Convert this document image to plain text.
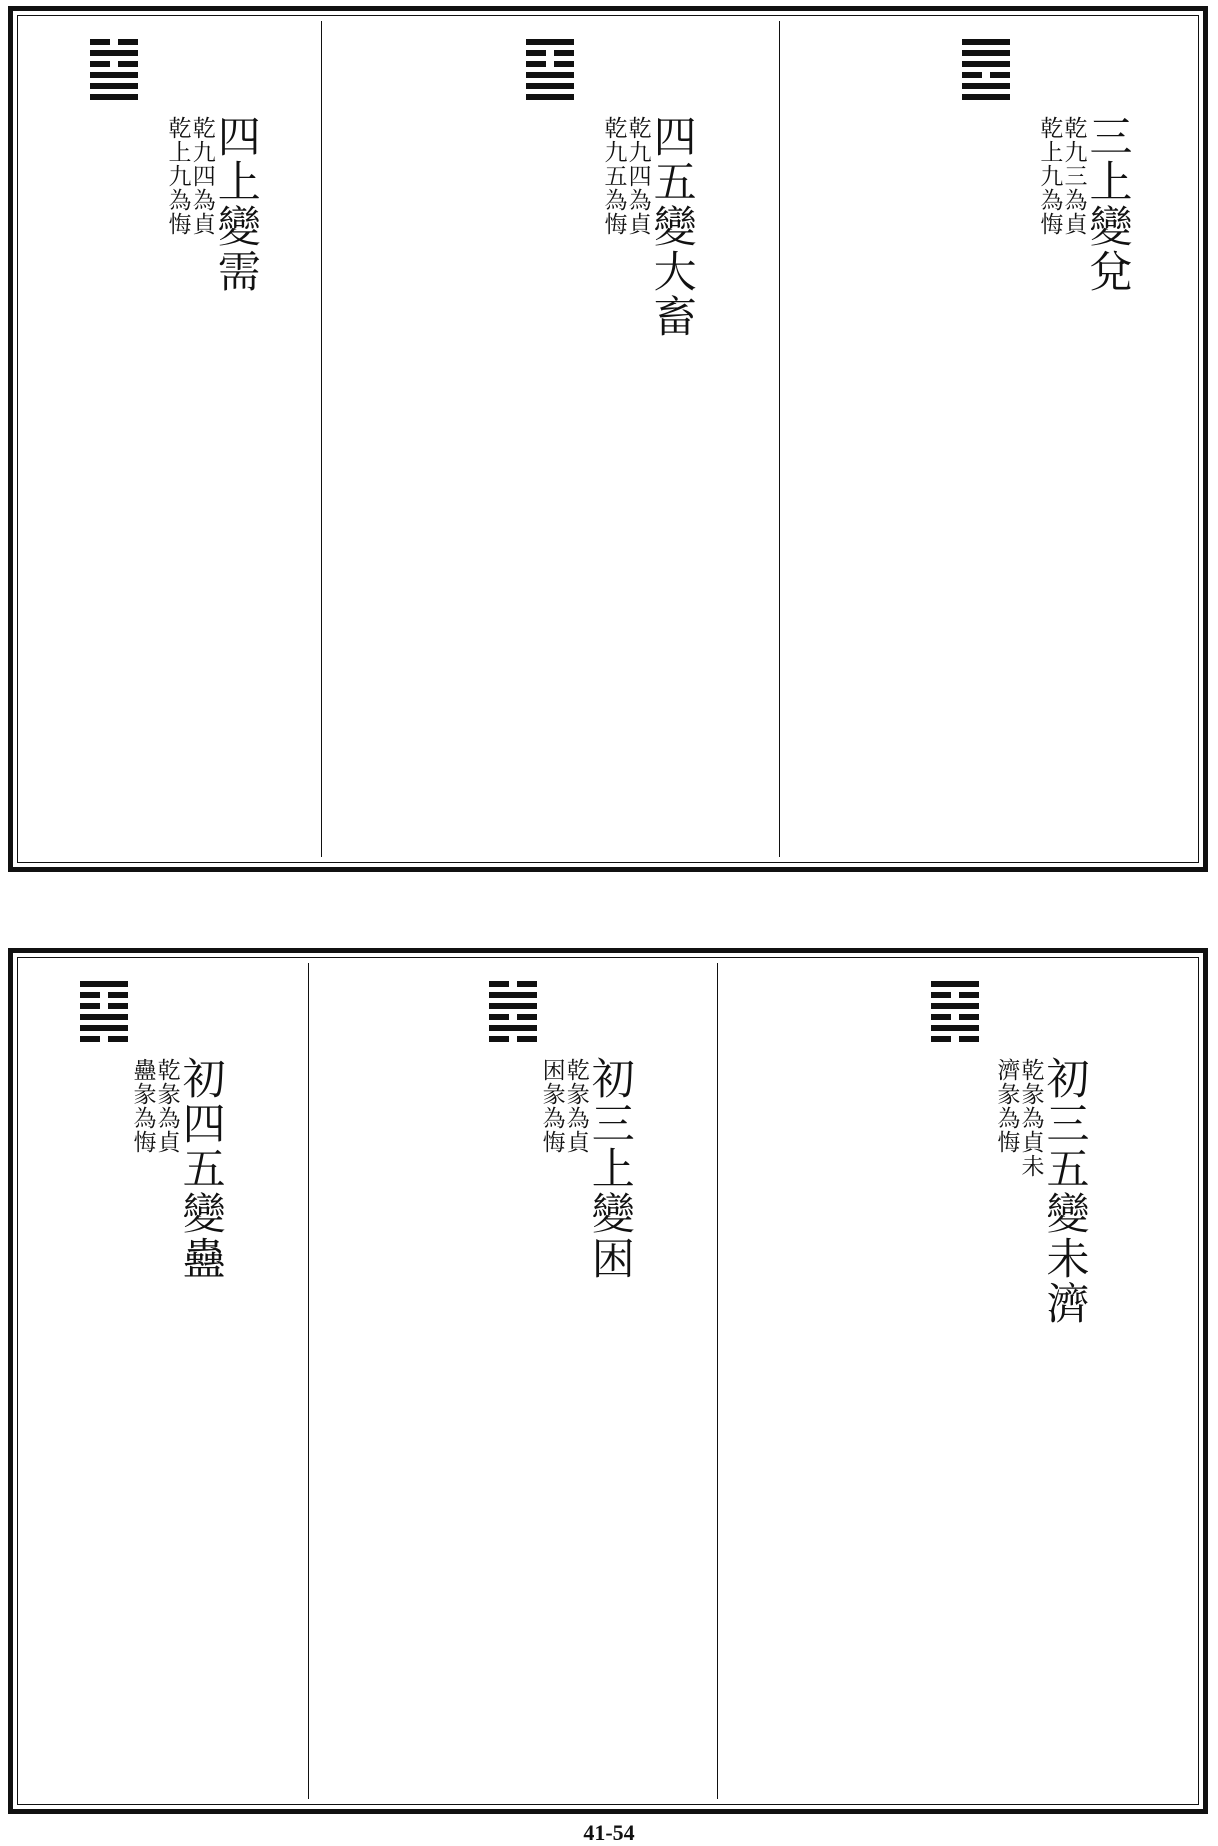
三上變兌
乾九三為貞
乾上九為悔
四五變大畜
乾九四為貞
乾九五為悔
四上變需
乾九四為貞
乾上九為悔
初三五變未濟
乾彖為貞未
濟彖為悔
初三上變困
乾彖為貞
困彖為悔
初四五變蠱
乾彖為貞
蠱彖為悔
41-54
